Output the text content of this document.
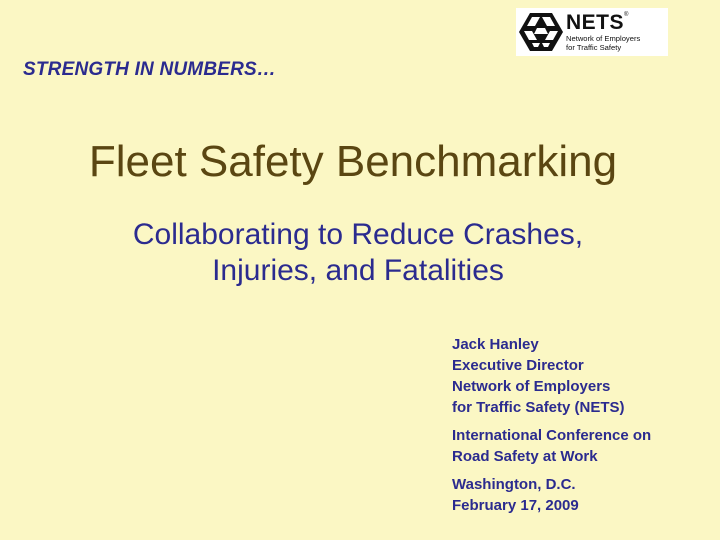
NETS®
Network of Employers
for Traffic Safety
STRENGTH IN NUMBERS…
Fleet Safety Benchmarking
Collaborating to Reduce Crashes,
Injuries, and Fatalities
Jack Hanley
Executive Director
Network of Employers
for Traffic Safety (NETS)
International Conference on
Road Safety at Work
Washington, D.C.
February 17, 2009
